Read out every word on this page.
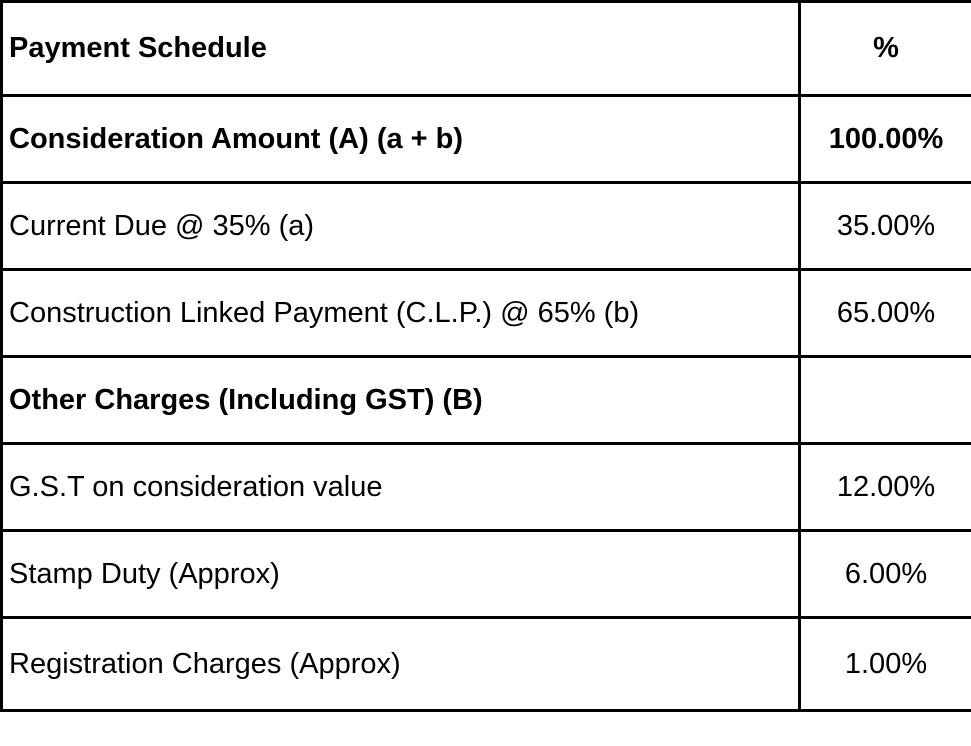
Payment Schedule	%
Consideration Amount (A) (a + b)	100.00%
Current Due @ 35% (a)	35.00%
Construction Linked Payment (C.L.P.) @ 65% (b)	65.00%
Other Charges (Including GST) (B)	
G.S.T on consideration value	12.00%
Stamp Duty (Approx)	6.00%
Registration Charges (Approx)	1.00%
